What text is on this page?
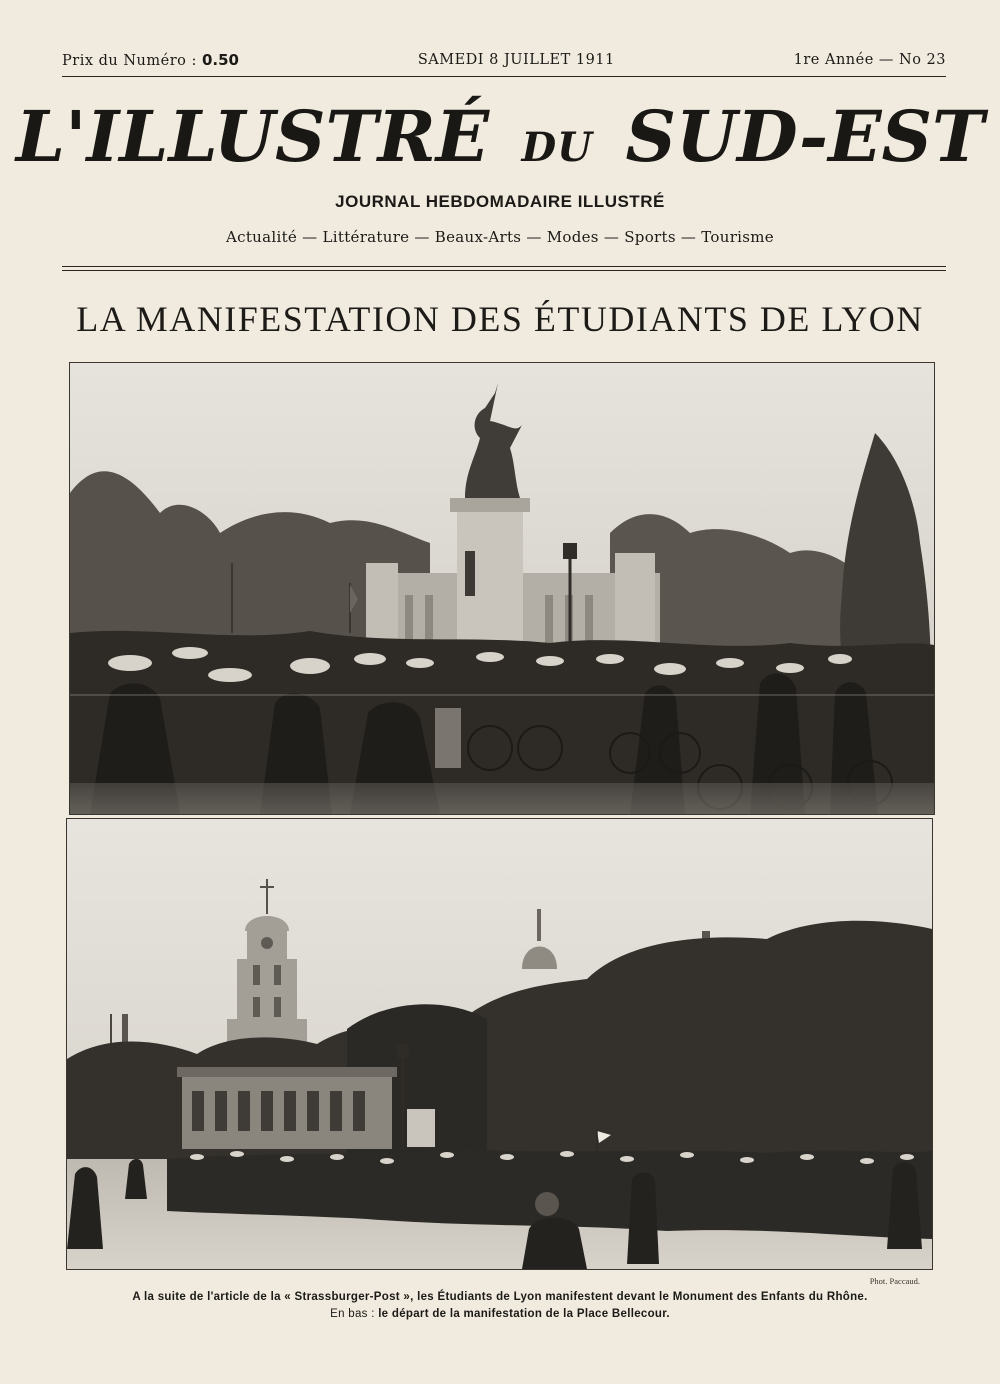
Prix du Numéro : 0.50	SAMEDI 8 JUILLET 1911	1re Année — No 23
L'ILLUSTRÉ DU SUD-EST
JOURNAL HEBDOMADAIRE ILLUSTRÉ
Actualité — Littérature — Beaux-Arts — Modes — Sports — Tourisme
LA MANIFESTATION DES ÉTUDIANTS DE LYON
Phot. Paccaud.
A la suite de l'article de la « Strassburger-Post », les Étudiants de Lyon manifestent devant le Monument des Enfants du Rhône.
En bas : le départ de la manifestation de la Place Bellecour.
